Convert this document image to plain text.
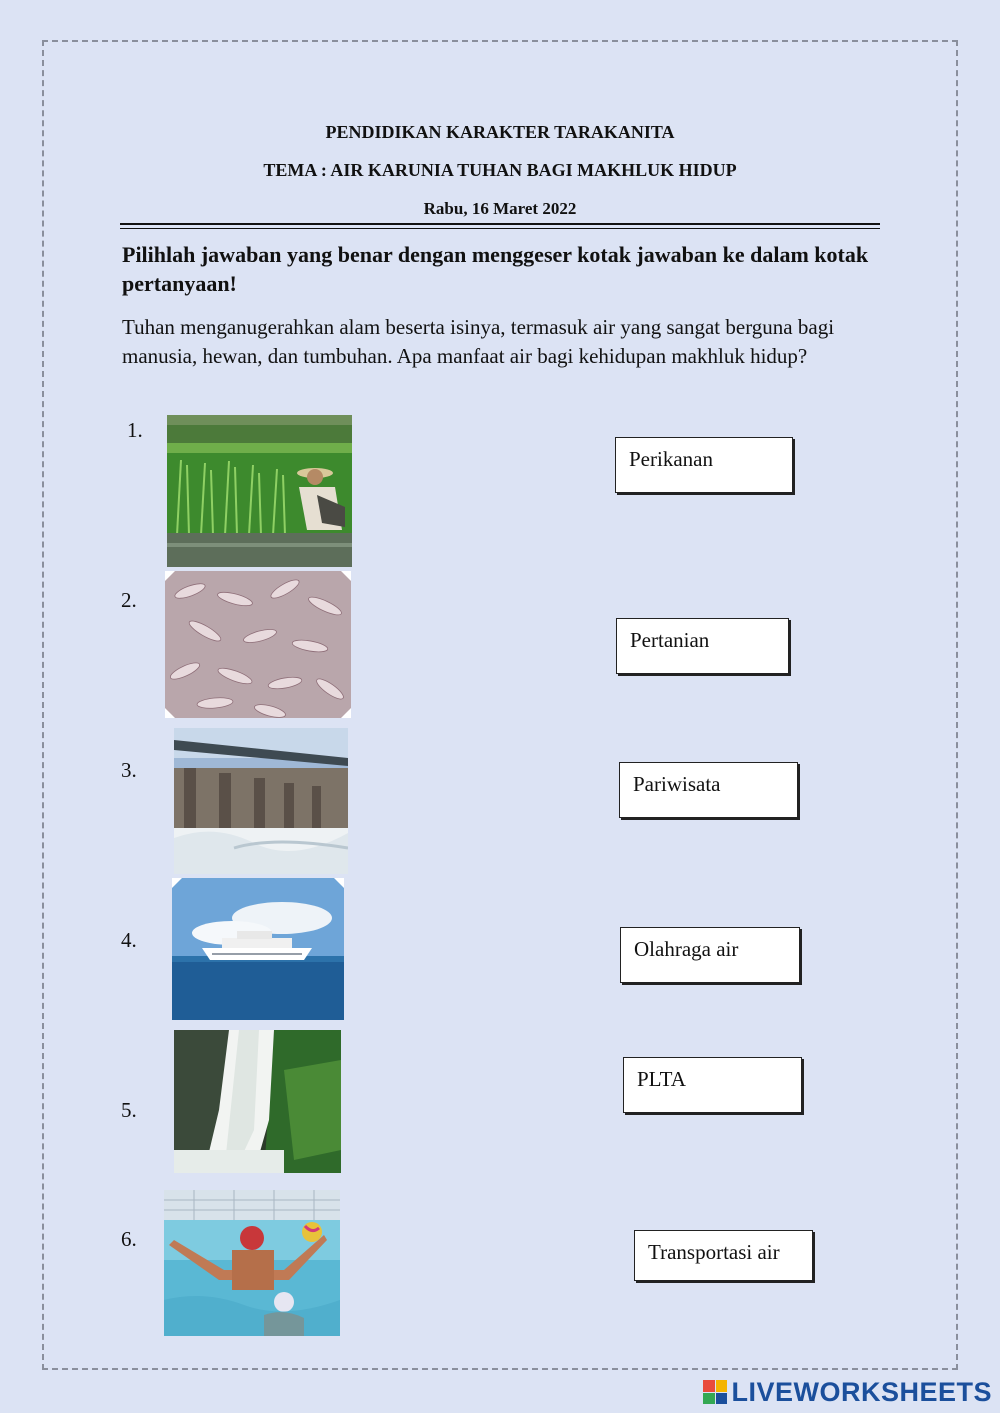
PENDIDIKAN KARAKTER TARAKANITA
TEMA : AIR KARUNIA TUHAN BAGI MAKHLUK HIDUP
Rabu, 16 Maret 2022
Pilihlah jawaban yang benar dengan menggeser kotak jawaban ke dalam kotak pertanyaan!
Tuhan menganugerahkan alam beserta isinya, termasuk air yang sangat berguna bagi manusia, hewan, dan tumbuhan. Apa manfaat air bagi kehidupan makhluk hidup?
1.
2.
3.
4.
5.
6.
Perikanan
Pertanian
Pariwisata
Olahraga air
PLTA
Transportasi air
LIVEWORKSHEETS
